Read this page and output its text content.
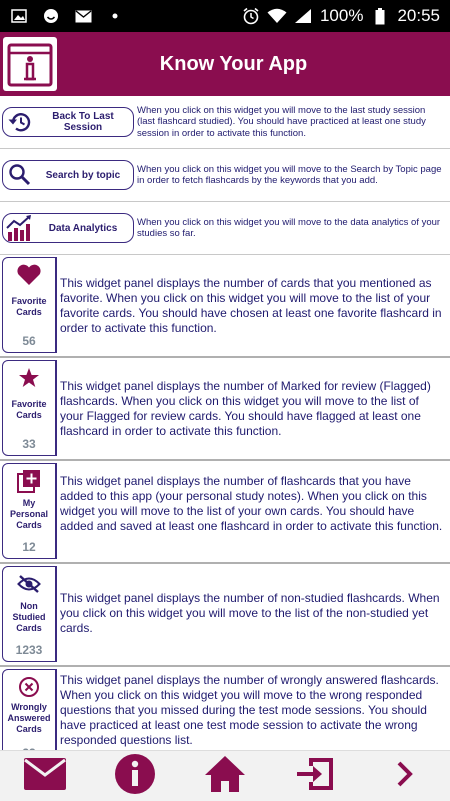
100% 20:55
Know Your App
Back To Last Session
When you click on this widget you will move to the last study session (last flashcard studied). You should have practiced at least one study session in order to activate this function.
Search by topic
When you click on this widget you will move to the Search by Topic page in order to fetch flashcards by the keywords that you add.
Data Analytics
When you click on this widget you will move to the data analytics of your studies so far.
Favorite Cards
56
This widget panel displays the number of cards that you mentioned as favorite. When you click on this widget you will move to the list of your favorite cards. You should have chosen at least one favorite flashcard in order to activate this function.
Favorite Cards
33
This widget panel displays the number of Marked for review (Flagged) flashcards. When you click on this widget you will move to the list of your Flagged for review cards. You should have flagged at least one flashcard in order to activate this function.
My Personal Cards
12
This widget panel displays the number of flashcards that you have added to this app (your personal study notes). When you click on this widget you will move to the list of your own cards. You should have added and saved at least one flashcard in order to activate this function.
Non Studied Cards
1233
This widget panel displays the number of non-studied flashcards. When you click on this widget you will move to the list of the non-studied yet cards.
Wrongly Answered Cards
This widget panel displays the number of wrongly answered flashcards. When you click on this widget you will move to the wrong responded questions that you missed during the test mode sessions. You should have practiced at least one test mode session to activate the wrong responded questions list.
